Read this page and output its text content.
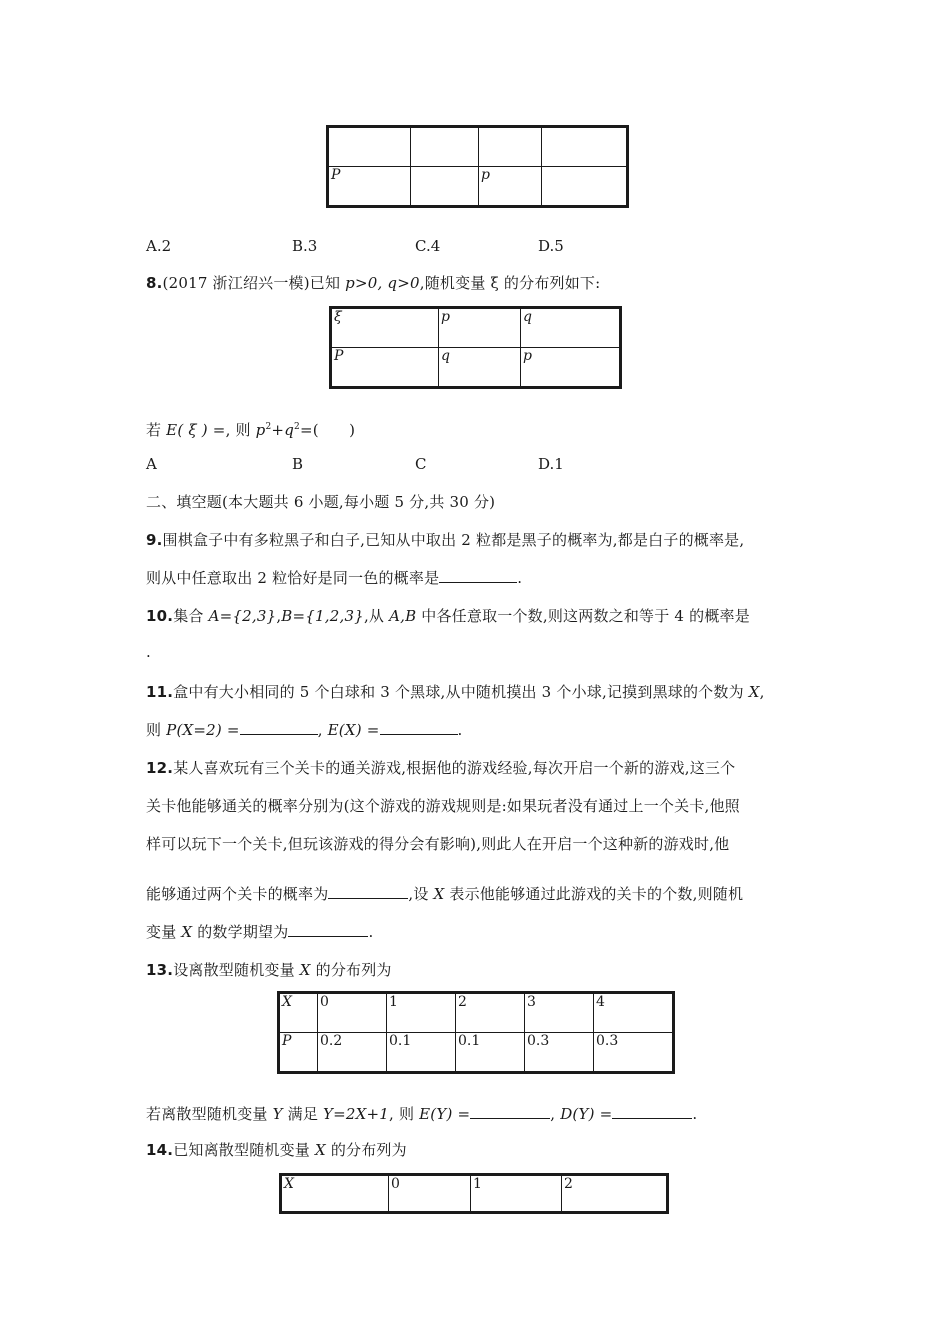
P		p	
A.2	B.3	C.4	D.5
8.(2017 浙江绍兴一模)已知 p>0, q>0,随机变量 ξ 的分布列如下:
ξ	p	q
P	q	p
若 E( ξ ) =, 则 $p^2+q^2=$(　　)
A	B	C	D.1
二、填空题(本大题共 6 小题,每小题 5 分,共 30 分)
9.围棋盒子中有多粒黑子和白子,已知从中取出 2 粒都是黑子的概率为,都是白子的概率是,
则从中任意取出 2 粒恰好是同一色的概率是	.
10.集合 A={2,3},B={1,2,3},从 A,B 中各任意取一个数,则这两数之和等于 4 的概率是
.
11.盒中有大小相同的 5 个白球和 3 个黑球,从中随机摸出 3 个小球,记摸到黑球的个数为 X,
则 P(X=2) =	, E(X) =	.
12.某人喜欢玩有三个关卡的通关游戏,根据他的游戏经验,每次开启一个新的游戏,这三个
关卡他能够通关的概率分别为(这个游戏的游戏规则是:如果玩者没有通过上一个关卡,他照
样可以玩下一个关卡,但玩该游戏的得分会有影响),则此人在开启一个这种新的游戏时,他
能够通过两个关卡的概率为	,设 X 表示他能够通过此游戏的关卡的个数,则随机
变量 X 的数学期望为	.
13.设离散型随机变量 X 的分布列为
X	0	1	2	3	4
P	0.2	0.1	0.1	0.3	0.3
若离散型随机变量 Y 满足 Y=2X+1, 则 E(Y) =	, D(Y) =	.
14.已知离散型随机变量 X 的分布列为
X	0	1	2
